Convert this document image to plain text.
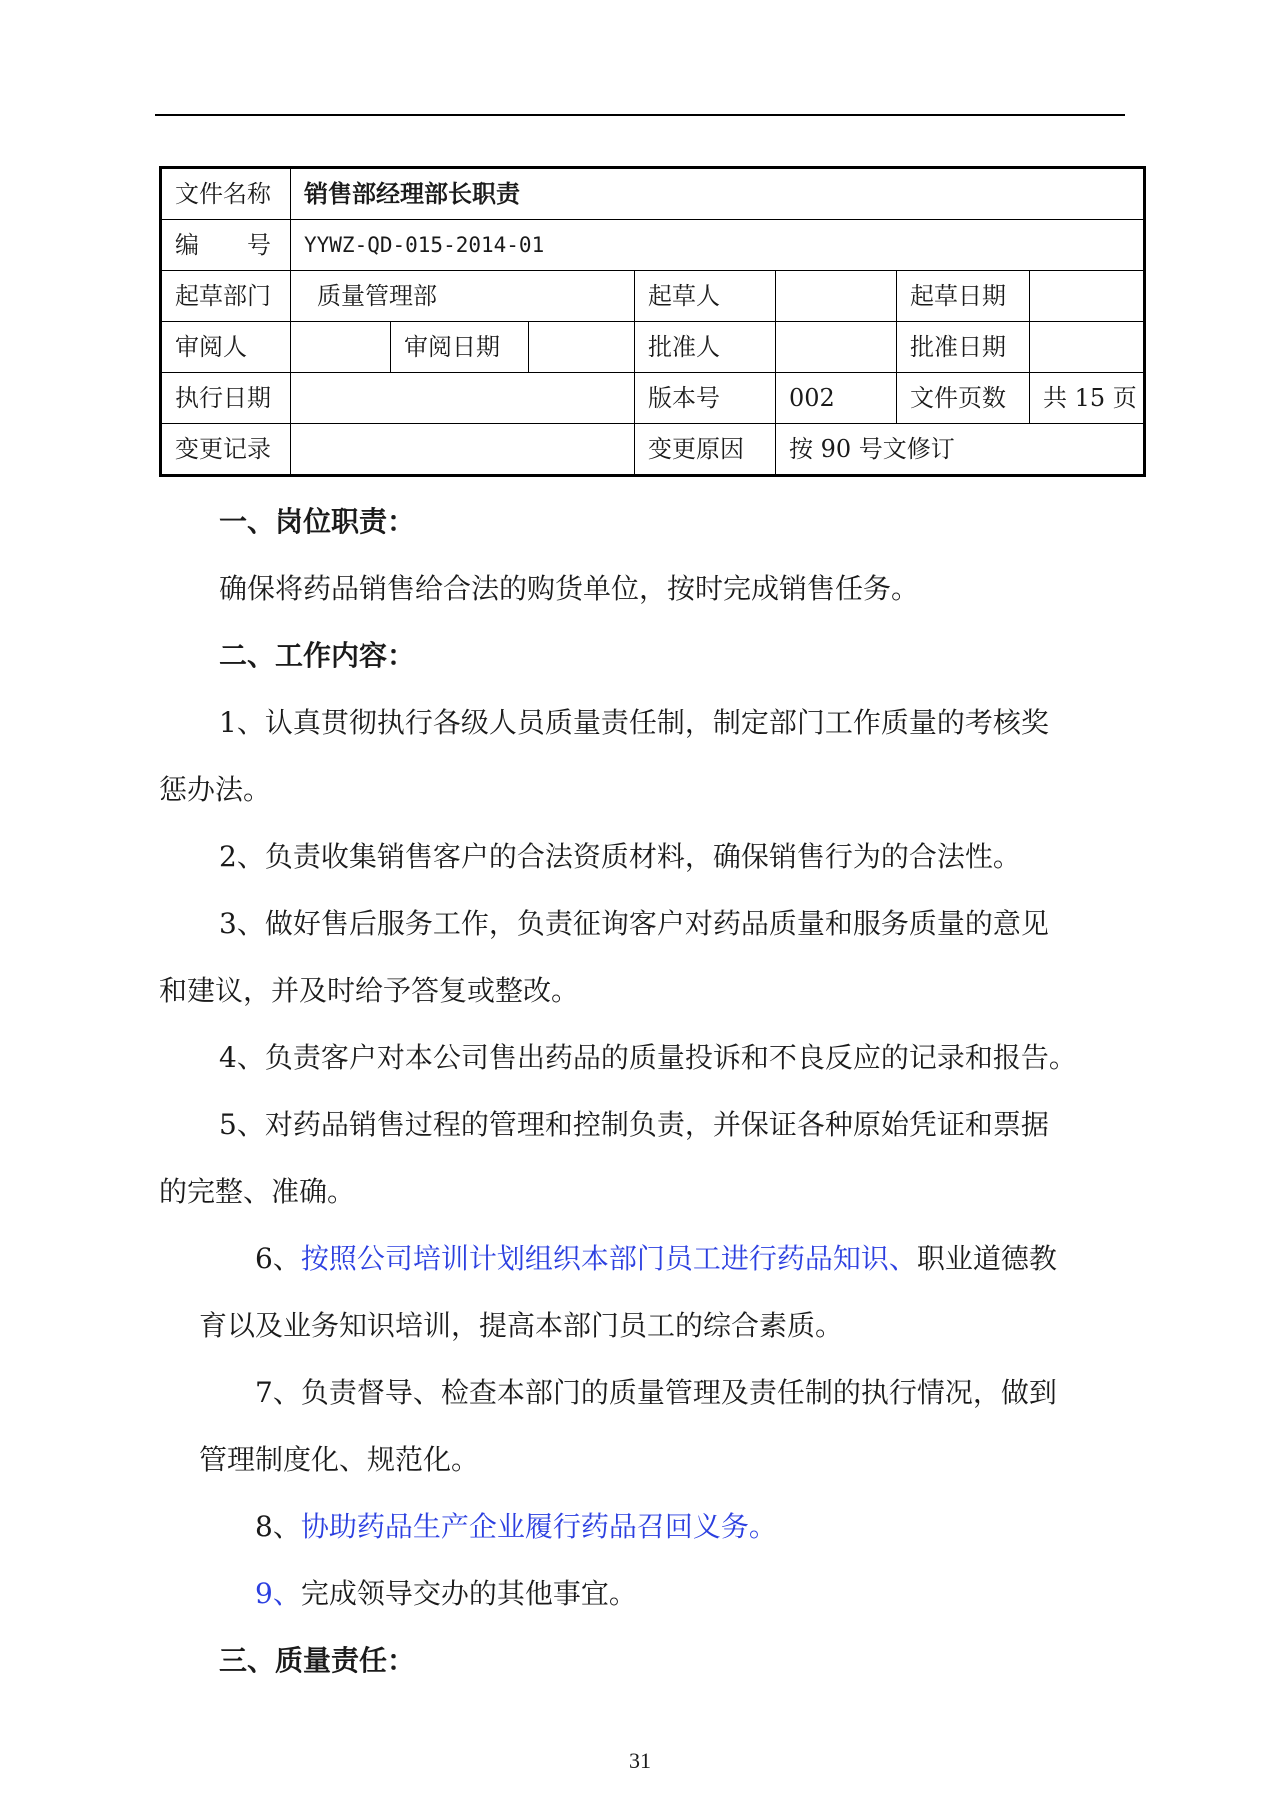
文件名称	销售部经理部长职责						
编　　号	YYWZ-QD-015-2014-01						
起草部门	质量管理部			起草人		起草日期	
审阅人		审阅日期		批准人		批准日期	
执行日期				版本号	002	文件页数	共 15 页
变更记录				变更原因	按 90 号文修订		

一、岗位职责：

确保将药品销售给合法的购货单位，按时完成销售任务。

二、工作内容：

1、认真贯彻执行各级人员质量责任制，制定部门工作质量的考核奖

惩办法。

2、负责收集销售客户的合法资质材料，确保销售行为的合法性。

3、做好售后服务工作，负责征询客户对药品质量和服务质量的意见

和建议，并及时给予答复或整改。

4、负责客户对本公司售出药品的质量投诉和不良反应的记录和报告。

5、对药品销售过程的管理和控制负责，并保证各种原始凭证和票据

的完整、准确。

6、按照公司培训计划组织本部门员工进行药品知识、职业道德教

育以及业务知识培训，提高本部门员工的综合素质。

7、负责督导、检查本部门的质量管理及责任制的执行情况，做到

管理制度化、规范化。

8、协助药品生产企业履行药品召回义务。

9、完成领导交办的其他事宜。

三、质量责任：

31
